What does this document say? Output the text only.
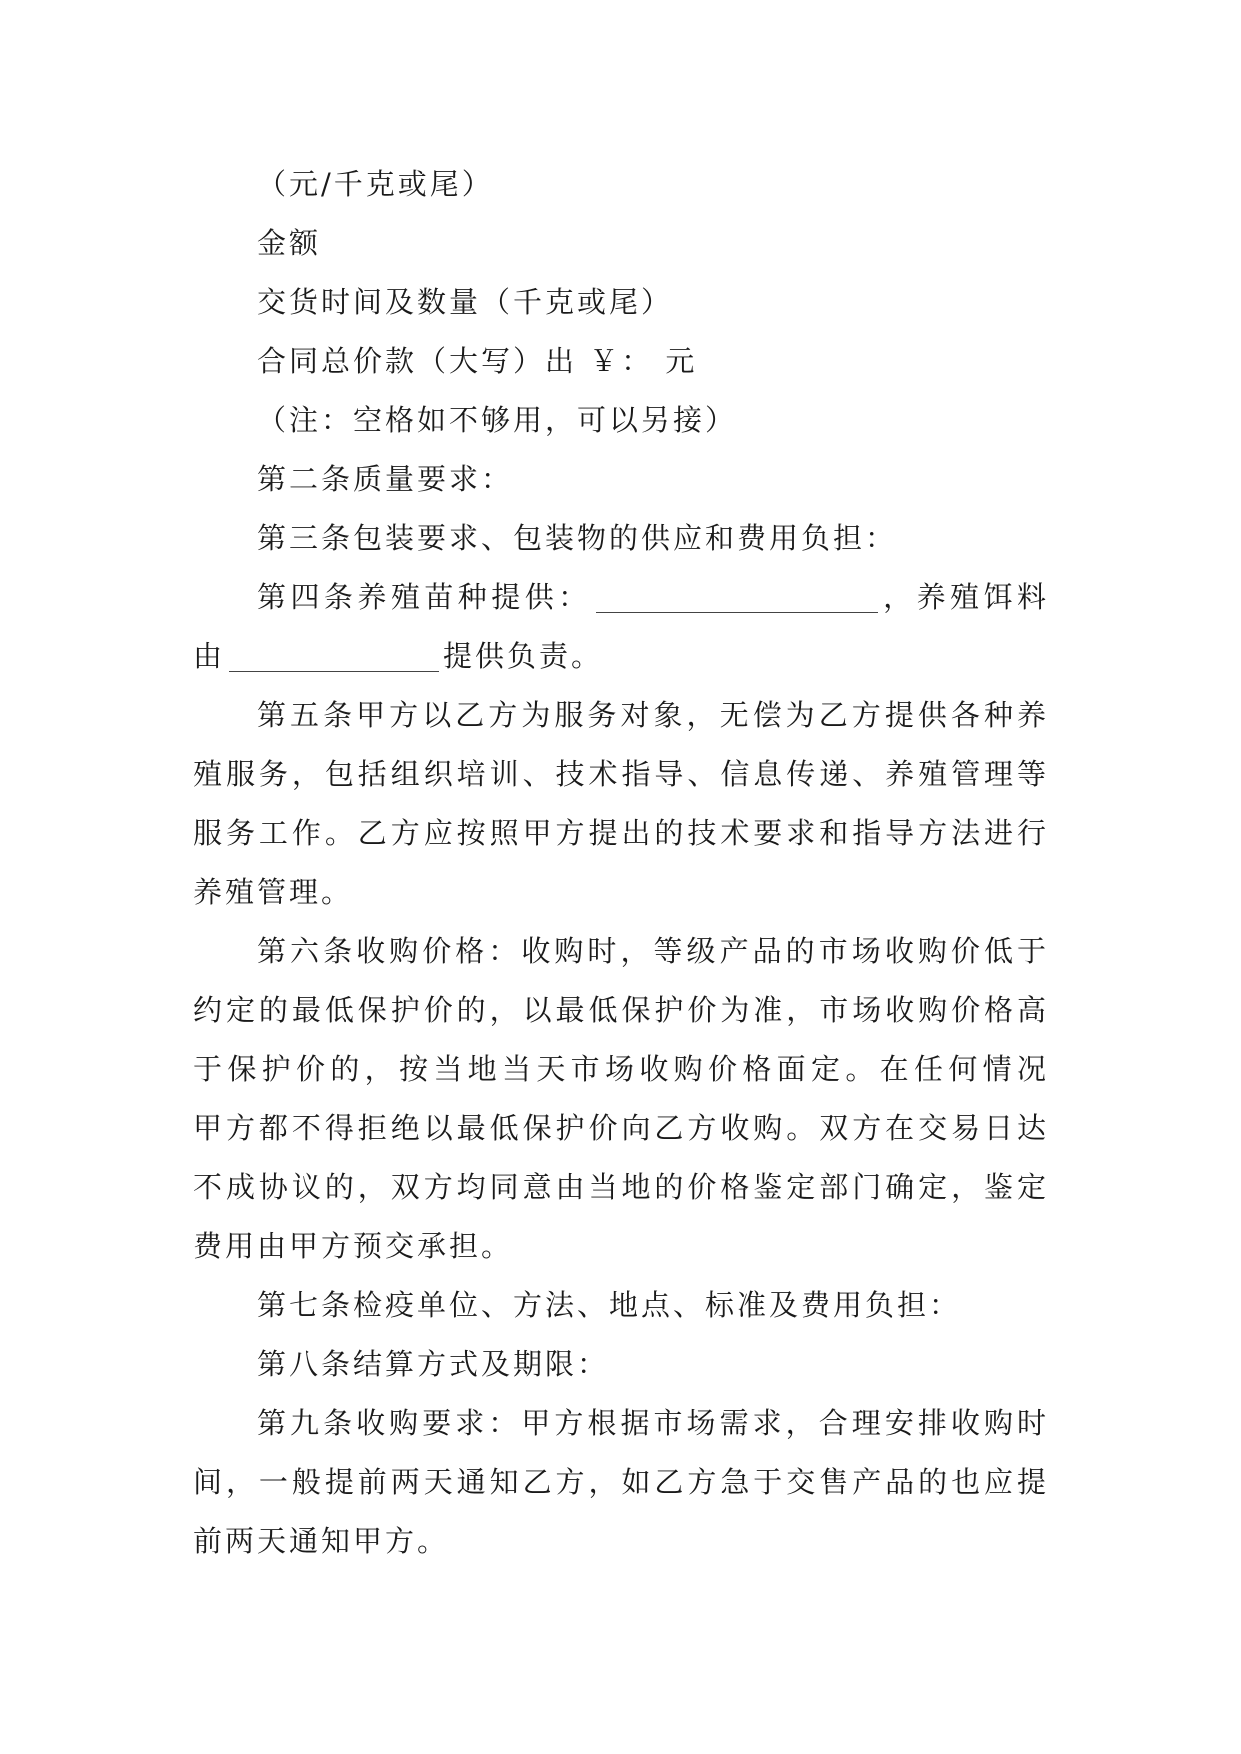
（元/千克或尾）
金额
交货时间及数量（千克或尾）
合同总价款（大写）出 ￥： 元
（注：空格如不够用，可以另接）
第二条质量要求：
第三条包装要求、包装物的供应和费用负担：
第四条养殖苗种提供：	，养殖饵料
由	提供负责。
第五条甲方以乙方为服务对象，无偿为乙方提供各种养
殖服务，包括组织培训、技术指导、信息传递、养殖管理等
服务工作。乙方应按照甲方提出的技术要求和指导方法进行
养殖管理。
第六条收购价格：收购时，等级产品的市场收购价低于
约定的最低保护价的，以最低保护价为准，市场收购价格高
于保护价的，按当地当天市场收购价格面定。在任何情况
甲方都不得拒绝以最低保护价向乙方收购。双方在交易日达
不成协议的，双方均同意由当地的价格鉴定部门确定，鉴定
费用由甲方预交承担。
第七条检疫单位、方法、地点、标准及费用负担：
第八条结算方式及期限：
第九条收购要求：甲方根据市场需求，合理安排收购时
间，一般提前两天通知乙方，如乙方急于交售产品的也应提
前两天通知甲方。
